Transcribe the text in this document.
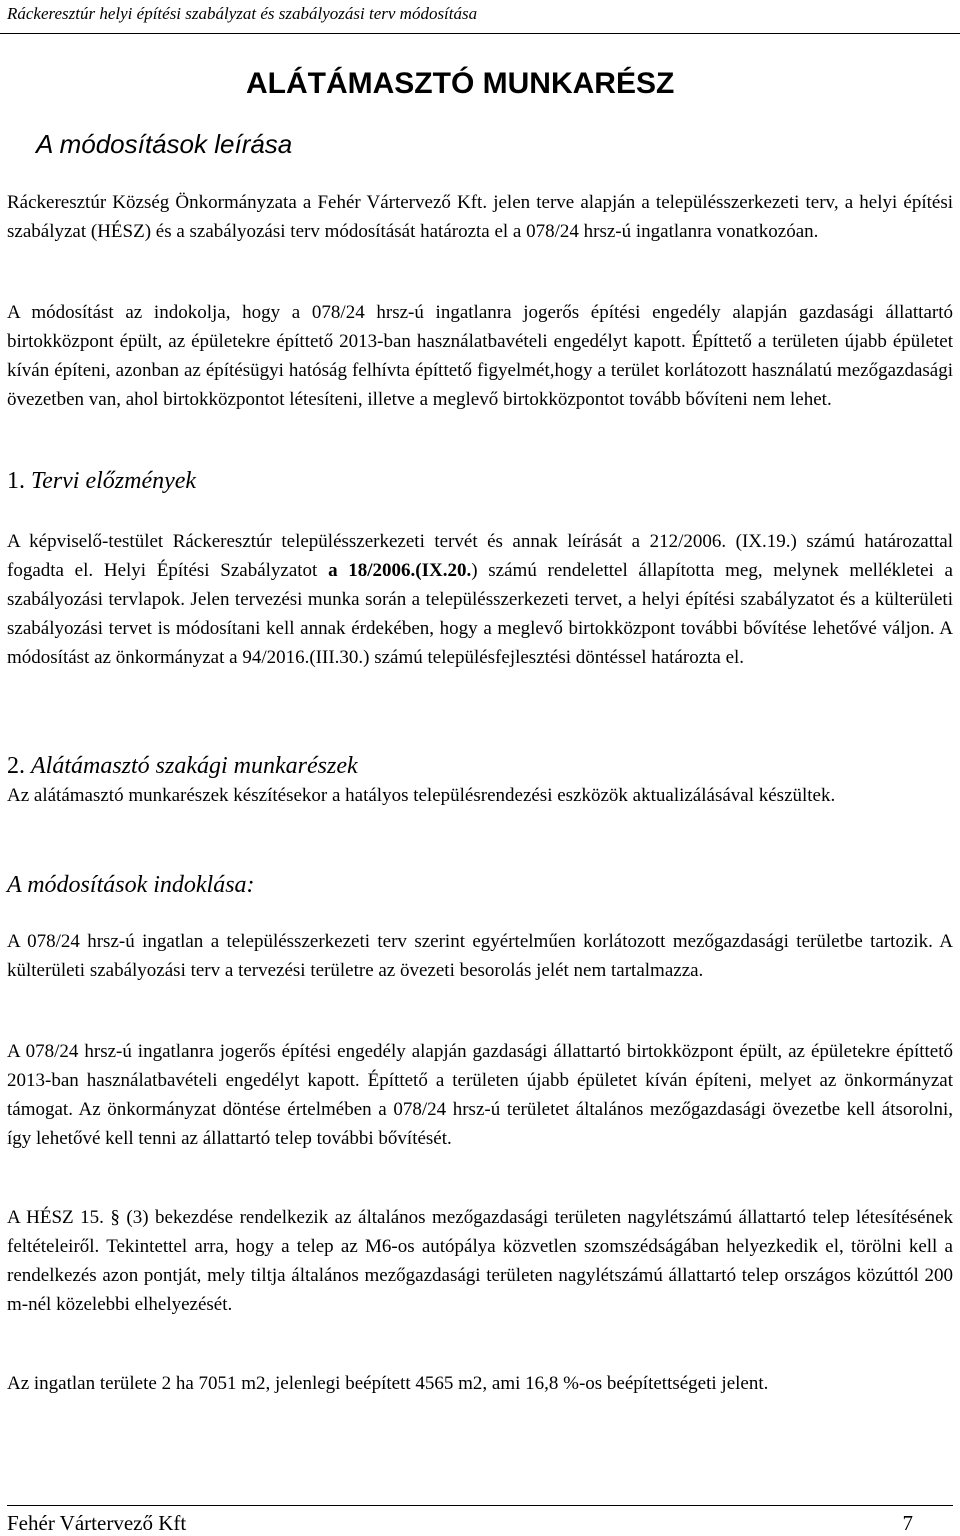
Ráckeresztúr helyi építési szabályzat és szabályozási terv módosítása
ALÁTÁMASZTÓ MUNKARÉSZ
A módosítások leírása

Ráckeresztúr Község Önkormányzata a Fehér Vártervező Kft. jelen terve alapján a településszerkezeti terv, a helyi építési szabályzat (HÉSZ) és a szabályozási terv módosítását határozta el a 078/24 hrsz-ú ingatlanra vonatkozóan.

A módosítást az indokolja, hogy a 078/24 hrsz-ú ingatlanra jogerős építési engedély alapján gazdasági állattartó birtokközpont épült, az épületekre építtető 2013-ban használatbavételi engedélyt kapott. Építtető a területen újabb épületet kíván építeni, azonban az építésügyi hatóság felhívta építtető figyelmét,hogy a terület korlátozott használatú mezőgazdasági övezetben van, ahol birtokközpontot létesíteni, illetve a meglevő birtokközpontot tovább bővíteni nem lehet.

1. Tervi előzmények

A képviselő-testület Ráckeresztúr településszerkezeti tervét és annak leírását a 212/2006. (IX.19.) számú határozattal fogadta el. Helyi Építési Szabályzatot a 18/2006.(IX.20.) számú rendelettel állapította meg, melynek mellékletei a szabályozási tervlapok. Jelen tervezési munka során a településszerkezeti tervet, a helyi építési szabályzatot és a külterületi szabályozási tervet is módosítani kell annak érdekében, hogy a meglevő birtokközpont további bővítése lehetővé váljon. A módosítást az önkormányzat a 94/2016.(III.30.) számú településfejlesztési döntéssel határozta el.

2. Alátámasztó szakági munkarészek

Az alátámasztó munkarészek készítésekor a hatályos településrendezési eszközök aktualizálásával készültek.

A módosítások indoklása:

A 078/24 hrsz-ú ingatlan a településszerkezeti terv szerint egyértelműen korlátozott mezőgazdasági területbe tartozik. A külterületi szabályozási terv a tervezési területre az övezeti besorolás jelét nem tartalmazza.

A 078/24 hrsz-ú ingatlanra jogerős építési engedély alapján gazdasági állattartó birtokközpont épült, az épületekre építtető 2013-ban használatbavételi engedélyt kapott. Építtető a területen újabb épületet kíván építeni, melyet az önkormányzat támogat. Az önkormányzat döntése értelmében a 078/24 hrsz-ú területet általános mezőgazdasági övezetbe kell átsorolni, így lehetővé kell tenni az állattartó telep további bővítését.

A HÉSZ 15. § (3) bekezdése rendelkezik az általános mezőgazdasági területen nagylétszámú állattartó telep létesítésének feltételeiről. Tekintettel arra, hogy a telep az M6-os autópálya közvetlen szomszédságában helyezkedik el, törölni kell a rendelkezés azon pontját, mely tiltja általános mezőgazdasági területen nagylétszámú állattartó telep országos közúttól 200 m-nél közelebbi elhelyezését.

Az ingatlan területe 2 ha 7051 m2, jelenlegi beépített 4565 m2, ami 16,8 %-os beépítettségeti jelent.

Fehér Vártervező Kft	7
